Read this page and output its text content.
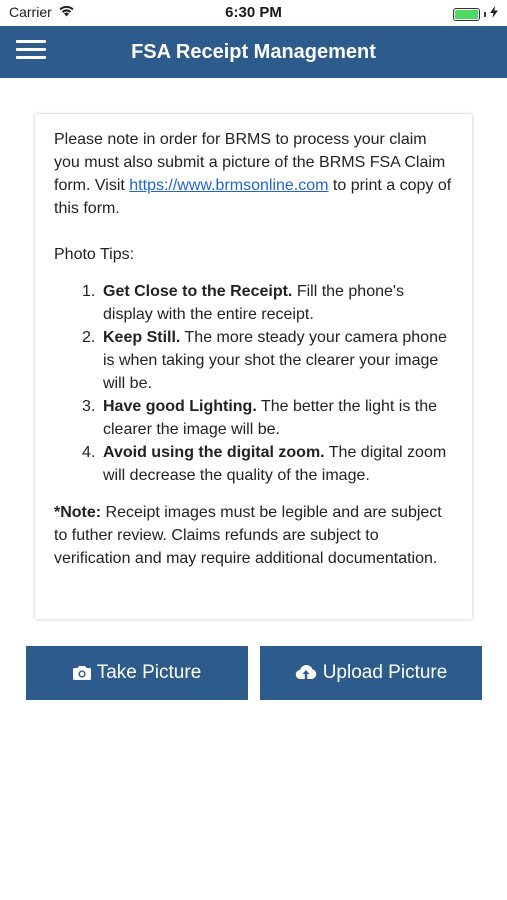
Carrier	6:30 PM
FSA Receipt Management

Please note in order for BRMS to process your claim you must also submit a picture of the BRMS FSA Claim form. Visit https://www.brmsonline.com to print a copy of this form.

Photo Tips:

1. Get Close to the Receipt. Fill the phone's display with the entire receipt.
2. Keep Still. The more steady your camera phone is when taking your shot the clearer your image will be.
3. Have good Lighting. The better the light is the clearer the image will be.
4. Avoid using the digital zoom. The digital zoom will decrease the quality of the image.

*Note: Receipt images must be legible and are subject to futher review. Claims refunds are subject to verification and may require additional documentation.

Take Picture	Upload Picture
